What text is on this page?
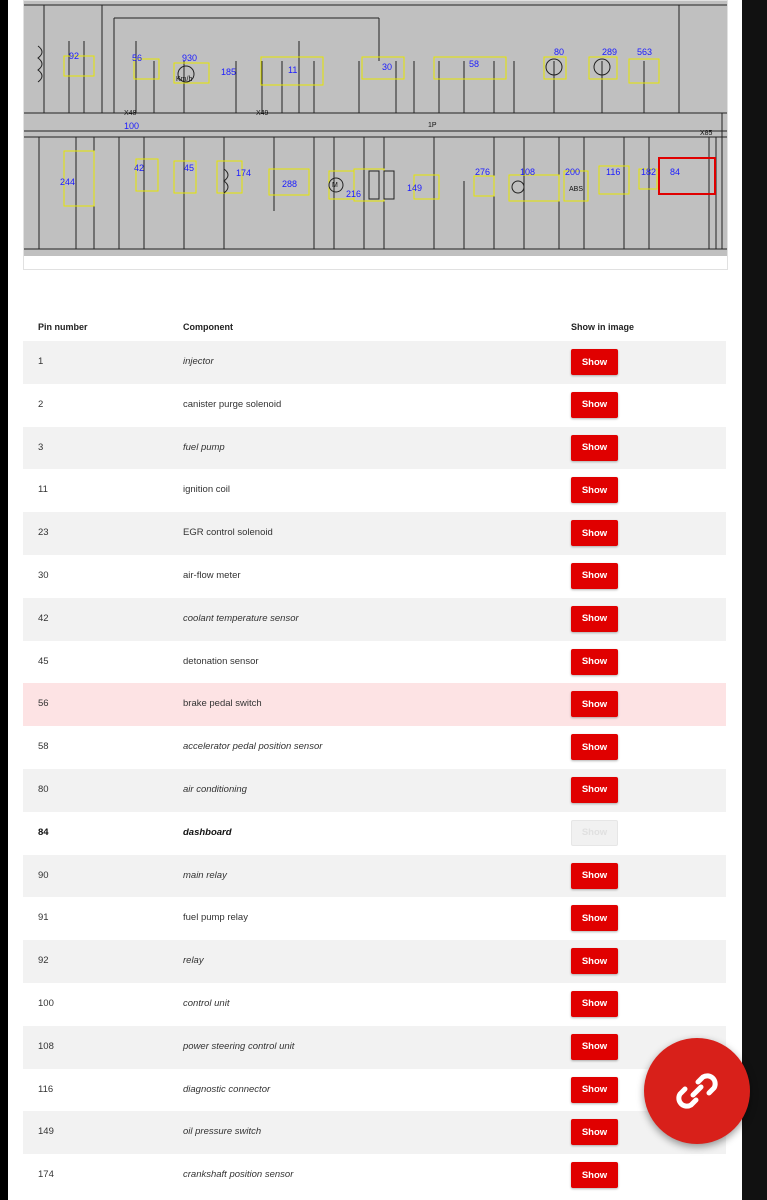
92	56	930
185	11	30	58
80	289 563
244
42	45	174
100
288
216
149
276	108	200	116 182 84
X48	X49
ABS
M
Km/h
1P
X85
Pin number	Component	Show in image
1	injector	Show
2	canister purge solenoid	Show
3	fuel pump	Show
11	ignition coil	Show
23	EGR control solenoid	Show
30	air-flow meter	Show
42	coolant temperature sensor	Show
45	detonation sensor	Show
56	brake pedal switch	Show
58	accelerator pedal position sensor	Show
80	air conditioning	Show
84	dashboard	Show
90	main relay	Show
91	fuel pump relay	Show
92	relay	Show
100	control unit	Show
108	power steering control unit	Show
116	diagnostic connector	Show
149	oil pressure switch	Show
174	crankshaft position sensor	Show
